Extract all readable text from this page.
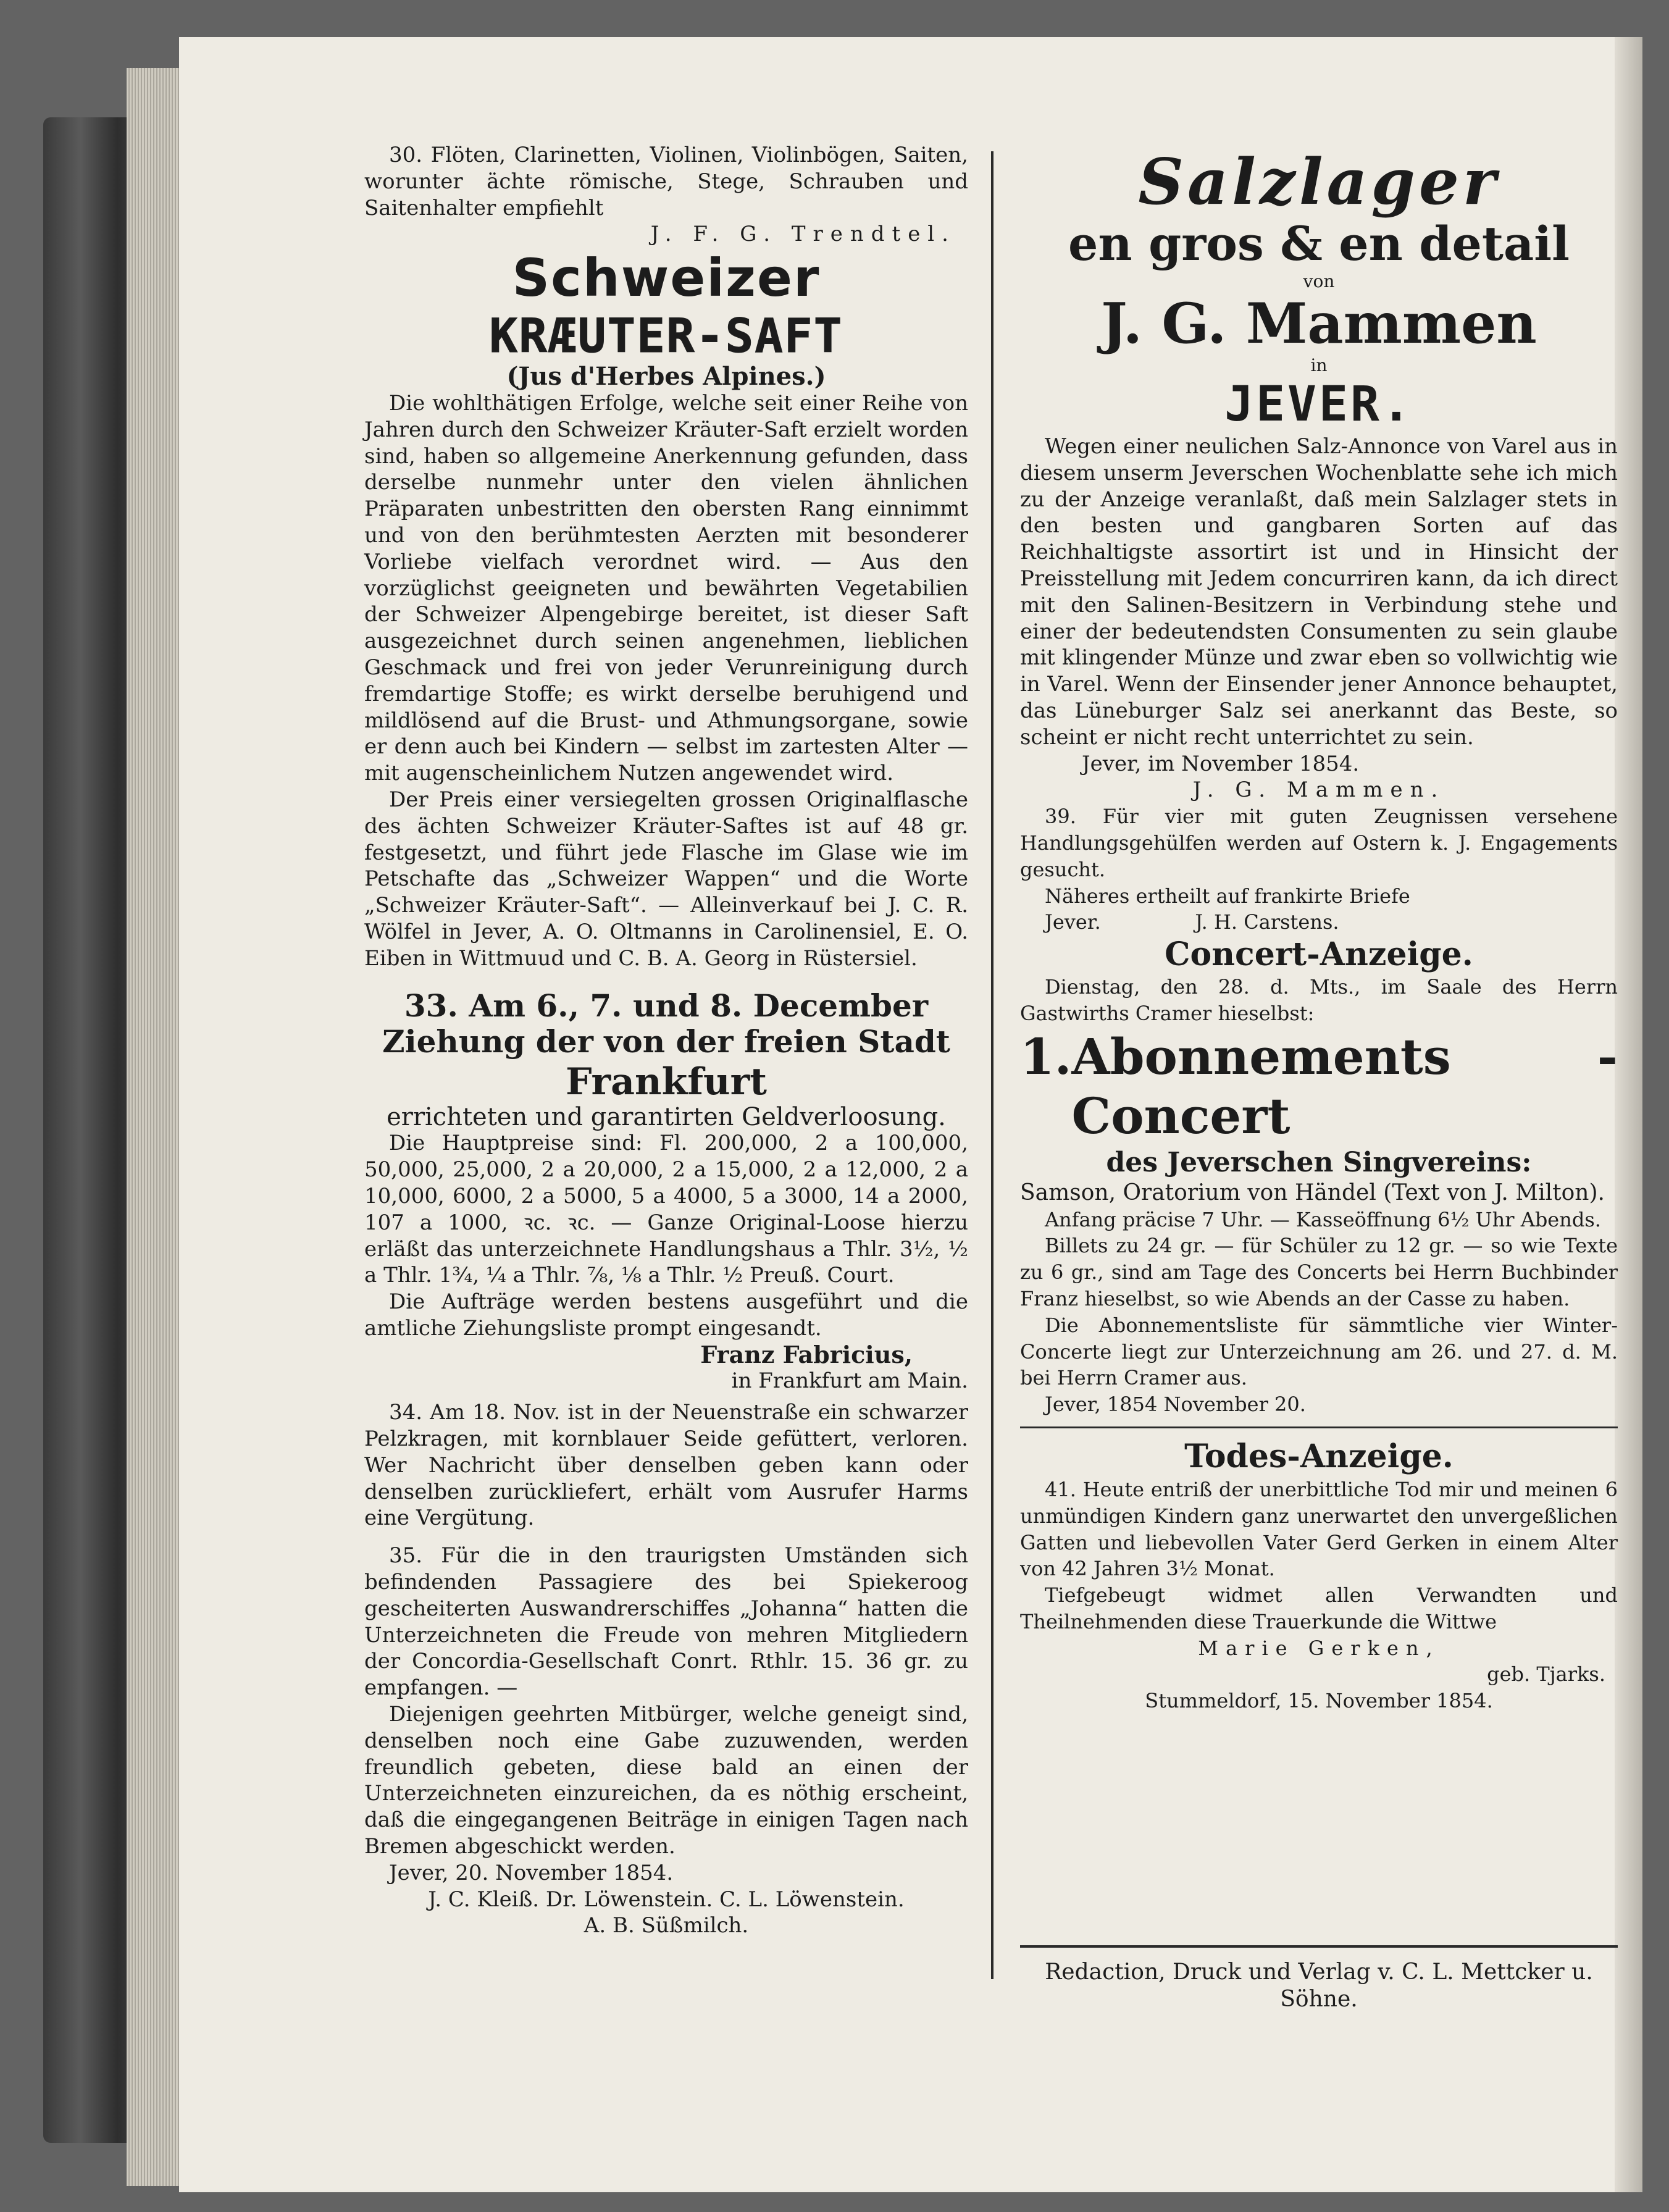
30. Flöten, Clarinetten, Violinen, Violinbögen, Saiten, worunter ächte römische, Stege, Schrauben und Saitenhalter empfiehlt

J. F. G. Trendtel.

Schweizer

KRÆUTER-SAFT

(Jus d'Herbes Alpines.)

Die wohlthätigen Erfolge, welche seit einer Reihe von Jahren durch den Schweizer Kräuter-Saft erzielt worden sind, haben so allgemeine Anerkennung gefunden, dass derselbe nunmehr unter den vielen ähnlichen Präparaten unbestritten den obersten Rang einnimmt und von den berühmtesten Aerzten mit besonderer Vorliebe vielfach verordnet wird. — Aus den vorzüglichst geeigneten und bewährten Vegetabilien der Schweizer Alpengebirge bereitet, ist dieser Saft ausgezeichnet durch seinen angenehmen, lieblichen Geschmack und frei von jeder Verunreinigung durch fremdartige Stoffe; es wirkt derselbe beruhigend und mildlösend auf die Brust- und Athmungsorgane, sowie er denn auch bei Kindern — selbst im zartesten Alter — mit augenscheinlichem Nutzen angewendet wird.

Der Preis einer versiegelten grossen Originalflasche des ächten Schweizer Kräuter-Saftes ist auf 48 gr. festgesetzt, und führt jede Flasche im Glase wie im Petschafte das „Schweizer Wappen“ und die Worte „Schweizer Kräuter-Saft“. — Alleinverkauf bei J. C. R. Wölfel in Jever, A. O. Oltmanns in Carolinensiel, E. O. Eiben in Wittmuud und C. B. A. Georg in Rüstersiel.

33. Am 6., 7. und 8. December

Ziehung der von der freien Stadt

Frankfurt

errichteten und garantirten Geldverloosung.

Die Hauptpreise sind: Fl. 200,000, 2 a 100,000, 50,000, 25,000, 2 a 20,000, 2 a 15,000, 2 a 12,000, 2 a 10,000, 6000, 2 a 5000, 5 a 4000, 5 a 3000, 14 a 2000, 107 a 1000, ꝛc. ꝛc. — Ganze Original-Loose hierzu erläßt das unterzeichnete Handlungshaus a Thlr. 3½, ½ a Thlr. 1¾, ¼ a Thlr. ⅞, ⅛ a Thlr. ½ Preuß. Court.

Die Aufträge werden bestens ausgeführt und die amtliche Ziehungsliste prompt eingesandt.

Franz Fabricius,

in Frankfurt am Main.

34. Am 18. Nov. ist in der Neuenstraße ein schwarzer Pelzkragen, mit kornblauer Seide gefüttert, verloren. Wer Nachricht über denselben geben kann oder denselben zurückliefert, erhält vom Ausrufer Harms eine Vergütung.

35. Für die in den traurigsten Umständen sich befindenden Passagiere des bei Spiekeroog gescheiterten Auswandrerschiffes „Johanna“ hatten die Unterzeichneten die Freude von mehren Mitgliedern der Concordia-Gesellschaft Conrt. Rthlr. 15. 36 gr. zu empfangen. —

Diejenigen geehrten Mitbürger, welche geneigt sind, denselben noch eine Gabe zuzuwenden, werden freundlich gebeten, diese bald an einen der Unterzeichneten einzureichen, da es nöthig erscheint, daß die eingegangenen Beiträge in einigen Tagen nach Bremen abgeschickt werden.

Jever, 20. November 1854.

J. C. Kleiß. Dr. Löwenstein. C. L. Löwenstein.

A. B. Süßmilch.

Salzlager

en gros & en detail

von

J. G. Mammen

in

JEVER.

Wegen einer neulichen Salz-Annonce von Varel aus in diesem unserm Jeverschen Wochenblatte sehe ich mich zu der Anzeige veranlaßt, daß mein Salzlager stets in den besten und gangbaren Sorten auf das Reichhaltigste assortirt ist und in Hinsicht der Preisstellung mit Jedem concurriren kann, da ich direct mit den Salinen-Besitzern in Verbindung stehe und einer der bedeutendsten Consumenten zu sein glaube mit klingender Münze und zwar eben so vollwichtig wie in Varel. Wenn der Einsender jener Annonce behauptet, das Lüneburger Salz sei anerkannt das Beste, so scheint er nicht recht unterrichtet zu sein.

Jever, im November 1854.

J. G. Mammen.

39. Für vier mit guten Zeugnissen versehene Handlungsgehülfen werden auf Ostern k. J. Engagements gesucht.

Näheres ertheilt auf frankirte Briefe

Jever.               J. H. Carstens.

Concert-Anzeige.

Dienstag, den 28. d. Mts., im Saale des Herrn Gastwirths Cramer hieselbst:

1. Abonnements - Concert

des Jeverschen Singvereins:

Samson, Oratorium von Händel (Text von J. Milton).

Anfang präcise 7 Uhr. — Kasseöffnung 6½ Uhr Abends.

Billets zu 24 gr. — für Schüler zu 12 gr. — so wie Texte zu 6 gr., sind am Tage des Concerts bei Herrn Buchbinder Franz hieselbst, so wie Abends an der Casse zu haben.

Die Abonnementsliste für sämmtliche vier Winter-Concerte liegt zur Unterzeichnung am 26. und 27. d. M. bei Herrn Cramer aus.

Jever, 1854 November 20.

Todes-Anzeige.

41. Heute entriß der unerbittliche Tod mir und meinen 6 unmündigen Kindern ganz unerwartet den unvergeßlichen Gatten und liebevollen Vater Gerd Gerken in einem Alter von 42 Jahren 3½ Monat.

Tiefgebeugt widmet allen Verwandten und Theilnehmenden diese Trauerkunde die Wittwe

Marie Gerken,

geb. Tjarks.

Stummeldorf, 15. November 1854.

Redaction, Druck und Verlag v. C. L. Mettcker u. Söhne.
